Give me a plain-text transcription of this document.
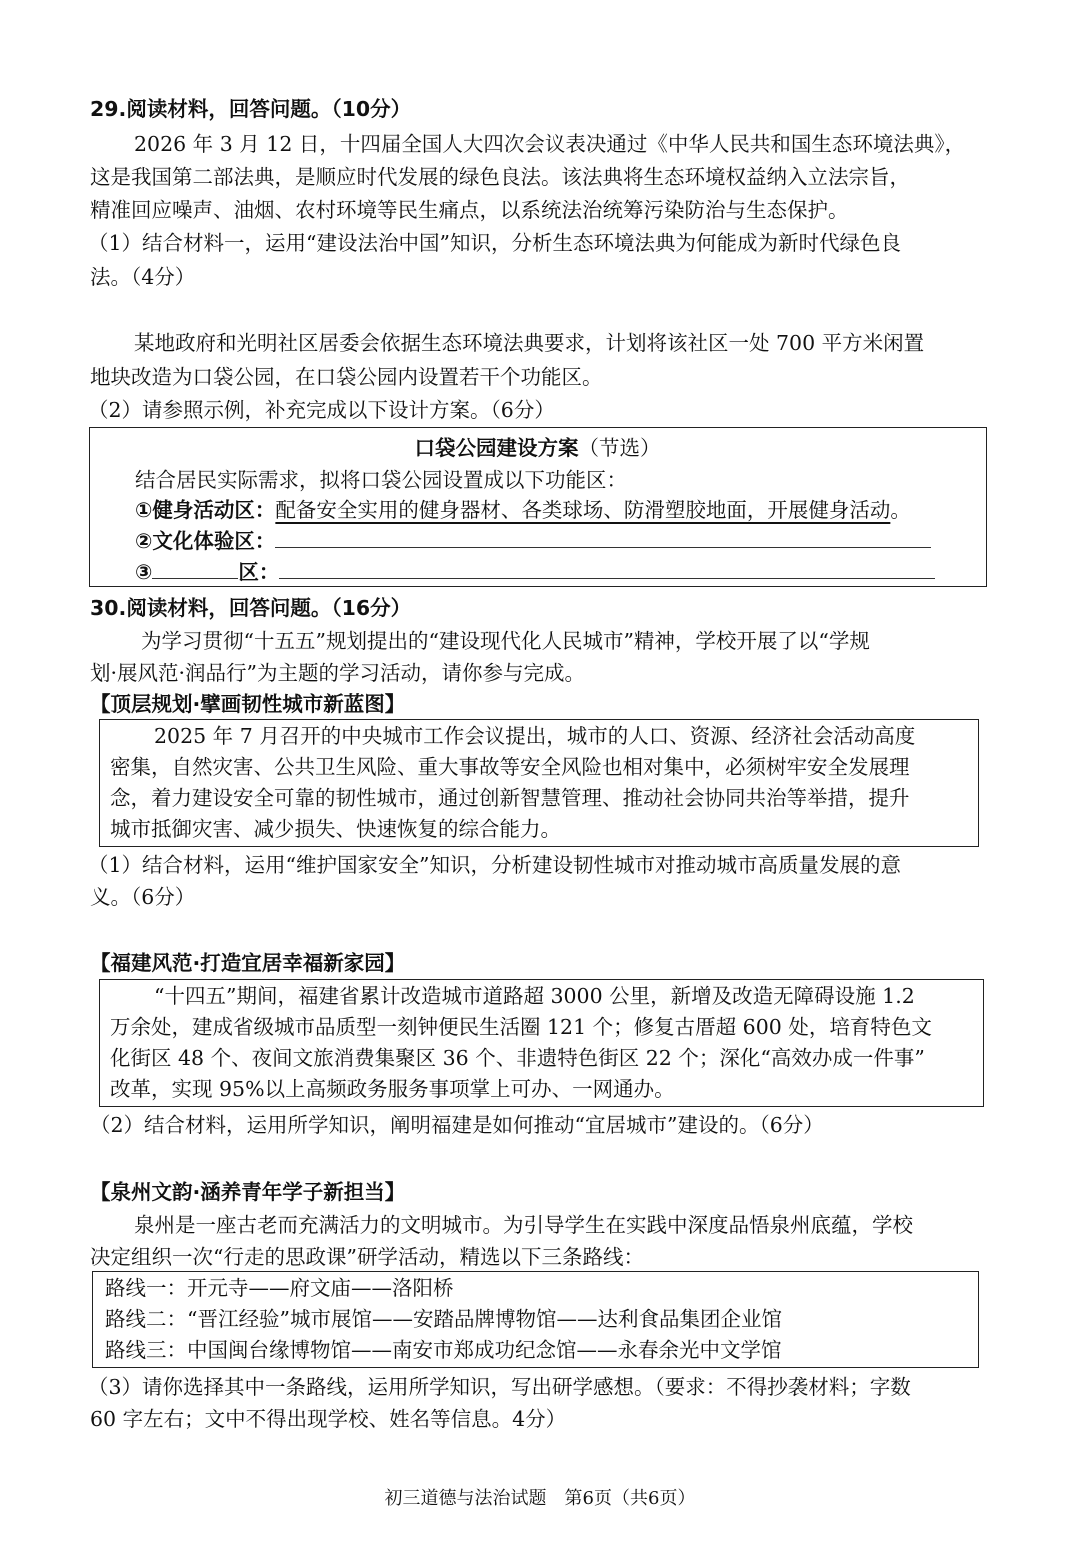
29.阅读材料，回答问题。（10分）
2026 年 3 月 12 日，十四届全国人大四次会议表决通过《中华人民共和国生态环境法典》，
这是我国第二部法典，是顺应时代发展的绿色良法。该法典将生态环境权益纳入立法宗旨，
精准回应噪声、油烟、农村环境等民生痛点，以系统法治统筹污染防治与生态保护。
（1）结合材料一，运用“建设法治中国”知识，分析生态环境法典为何能成为新时代绿色良
法。（4分）
某地政府和光明社区居委会依据生态环境法典要求，计划将该社区一处 700 平方米闲置
地块改造为口袋公园，在口袋公园内设置若干个功能区。
（2）请参照示例，补充完成以下设计方案。（6分）
口袋公园建设方案（节选）
结合居民实际需求，拟将口袋公园设置成以下功能区：
①健身活动区：配备安全实用的健身器材、各类球场、防滑塑胶地面，开展健身活动。
②文化体验区：
③	区：
30.阅读材料，回答问题。（16分）
为学习贯彻“十五五”规划提出的“建设现代化人民城市”精神，学校开展了以“学规
划·展风范·润品行”为主题的学习活动，请你参与完成。
【顶层规划·擘画韧性城市新蓝图】
2025 年 7 月召开的中央城市工作会议提出，城市的人口、资源、经济社会活动高度
密集，自然灾害、公共卫生风险、重大事故等安全风险也相对集中，必须树牢安全发展理
念，着力建设安全可靠的韧性城市，通过创新智慧管理、推动社会协同共治等举措，提升
城市抵御灾害、减少损失、快速恢复的综合能力。
（1）结合材料，运用“维护国家安全”知识，分析建设韧性城市对推动城市高质量发展的意
义。（6分）
【福建风范·打造宜居幸福新家园】
“十四五”期间，福建省累计改造城市道路超 3000 公里，新增及改造无障碍设施 1.2
万余处，建成省级城市品质型一刻钟便民生活圈 121 个；修复古厝超 600 处，培育特色文
化街区 48 个、夜间文旅消费集聚区 36 个、非遗特色街区 22 个；深化“高效办成一件事”
改革，实现 95%以上高频政务服务事项掌上可办、一网通办。
（2）结合材料，运用所学知识，阐明福建是如何推动“宜居城市”建设的。（6分）
【泉州文韵·涵养青年学子新担当】
泉州是一座古老而充满活力的文明城市。为引导学生在实践中深度品悟泉州底蕴，学校
决定组织一次“行走的思政课”研学活动，精选以下三条路线：
路线一：开元寺——府文庙——洛阳桥
路线二：“晋江经验”城市展馆——安踏品牌博物馆——达利食品集团企业馆
路线三：中国闽台缘博物馆——南安市郑成功纪念馆——永春余光中文学馆
（3）请你选择其中一条路线，运用所学知识，写出研学感想。（要求：不得抄袭材料；字数
60 字左右；文中不得出现学校、姓名等信息。4分）
初三道德与法治试题　第6页（共6页）
